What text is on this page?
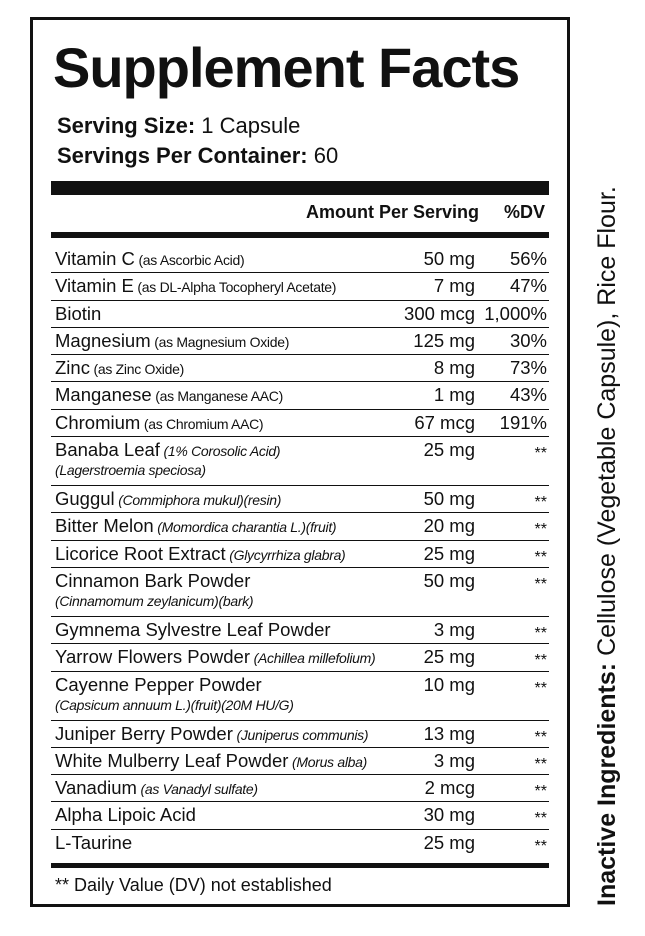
Supplement Facts
Serving Size: 1 Capsule
Servings Per Container: 60
Amount Per Serving %DV
Vitamin C (as Ascorbic Acid)	50 mg 56%
Vitamin E (as DL-Alpha Tocopheryl Acetate)	7 mg 47%
Biotin	300 mcg 1,000%
Magnesium (as Magnesium Oxide)	125 mg 30%
Zinc (as Zinc Oxide)	8 mg 73%
Manganese (as Manganese AAC)	1 mg 43%
Chromium (as Chromium AAC)	67 mcg 191%
Banaba Leaf (1% Corosolic Acid)
(Lagerstroemia speciosa)
25 mg	**
Guggul (Commiphora mukul)(resin)	50 mg	**
Bitter Melon (Momordica charantia L.)(fruit)	20 mg	**
Licorice Root Extract (Glycyrrhiza glabra)	25 mg	**
Cinnamon Bark Powder
(Cinnamomum zeylanicum)(bark)
50 mg	**
Gymnema Sylvestre Leaf Powder	3 mg	**
Yarrow Flowers Powder (Achillea millefolium)	25 mg	**
Cayenne Pepper Powder
(Capsicum annuum L.)(fruit)(20M HU/G)
10 mg	**
Juniper Berry Powder (Juniperus communis)	13 mg	**
White Mulberry Leaf Powder (Morus alba)	3 mg	**
Vanadium (as Vanadyl sulfate)	2 mcg	**
Alpha Lipoic Acid	30 mg	**
L-Taurine	25 mg	**
** Daily Value (DV) not established	Inactive Ingredients: Cellulose (Vegetable Capsule), Rice Flour.
